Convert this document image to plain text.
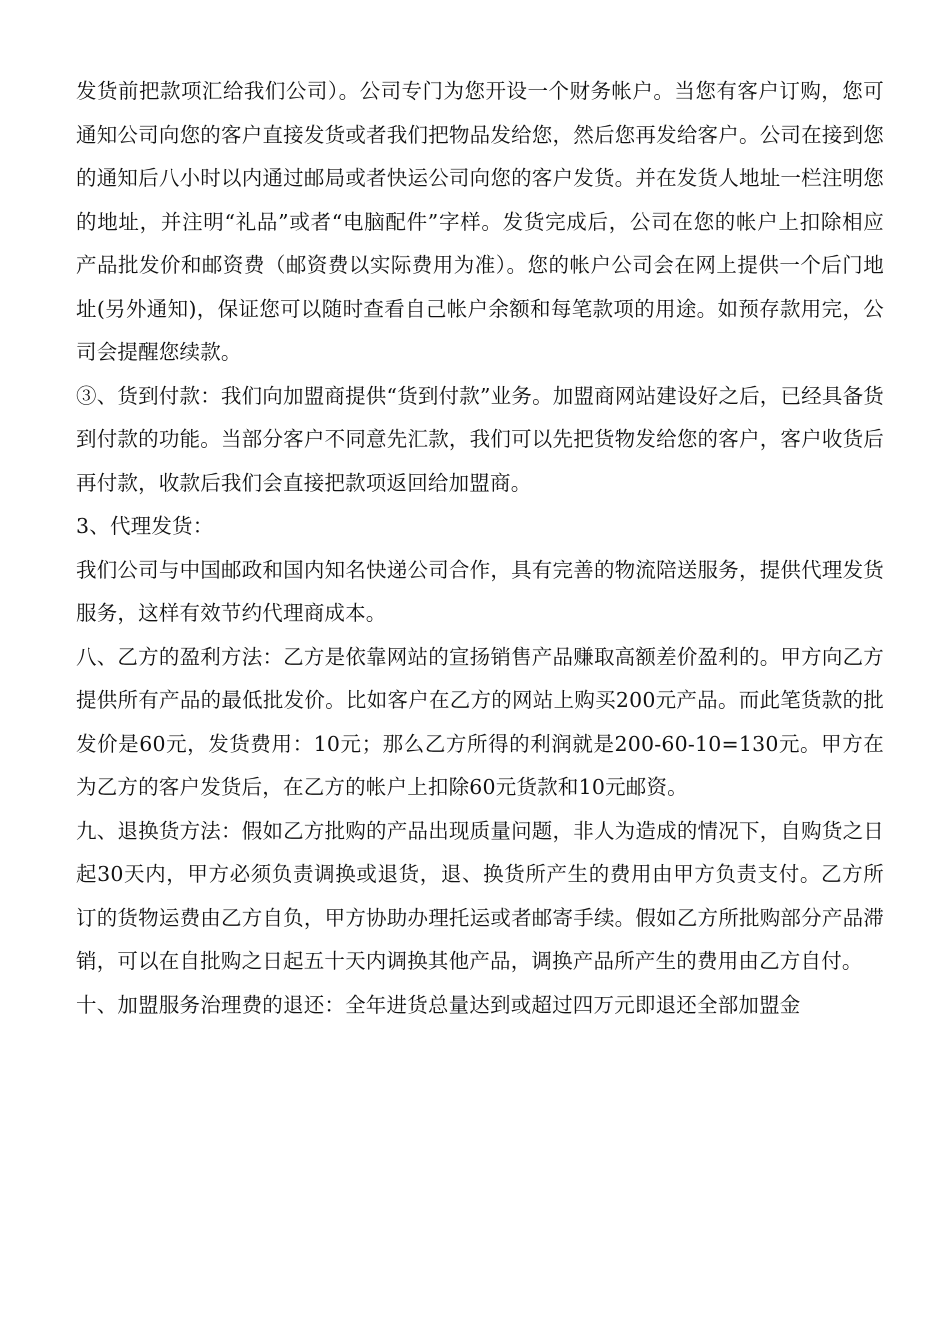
发货前把款项汇给我们公司）。公司专门为您开设一个财务帐户。当您有客户订购，您可通知公司向您的客户直接发货或者我们把物品发给您，然后您再发给客户。公司在接到您的通知后八小时以内通过邮局或者快运公司向您的客户发货。并在发货人地址一栏注明您的地址，并注明“礼品”或者“电脑配件”字样。发货完成后，公司在您的帐户上扣除相应产品批发价和邮资费（邮资费以实际费用为准）。您的帐户公司会在网上提供一个后门地址(另外通知)，保证您可以随时查看自己帐户余额和每笔款项的用途。如预存款用完，公司会提醒您续款。

③、货到付款：我们向加盟商提供“货到付款”业务。加盟商网站建设好之后，已经具备货到付款的功能。当部分客户不同意先汇款，我们可以先把货物发给您的客户，客户收货后再付款，收款后我们会直接把款项返回给加盟商。

3、代理发货：

我们公司与中国邮政和国内知名快递公司合作，具有完善的物流陪送服务，提供代理发货服务，这样有效节约代理商成本。

八、乙方的盈利方法：乙方是依靠网站的宣扬销售产品赚取高额差价盈利的。甲方向乙方提供所有产品的最低批发价。比如客户在乙方的网站上购买200元产品。而此笔货款的批发价是60元，发货费用：10元；那么乙方所得的利润就是200-60-10=130元。甲方在为乙方的客户发货后，在乙方的帐户上扣除60元货款和10元邮资。

九、退换货方法：假如乙方批购的产品出现质量问题，非人为造成的情况下，自购货之日起30天内，甲方必须负责调换或退货，退、换货所产生的费用由甲方负责支付。乙方所订的货物运费由乙方自负，甲方协助办理托运或者邮寄手续。假如乙方所批购部分产品滞销，可以在自批购之日起五十天内调换其他产品，调换产品所产生的费用由乙方自付。

十、加盟服务治理费的退还：全年进货总量达到或超过四万元即退还全部加盟金
